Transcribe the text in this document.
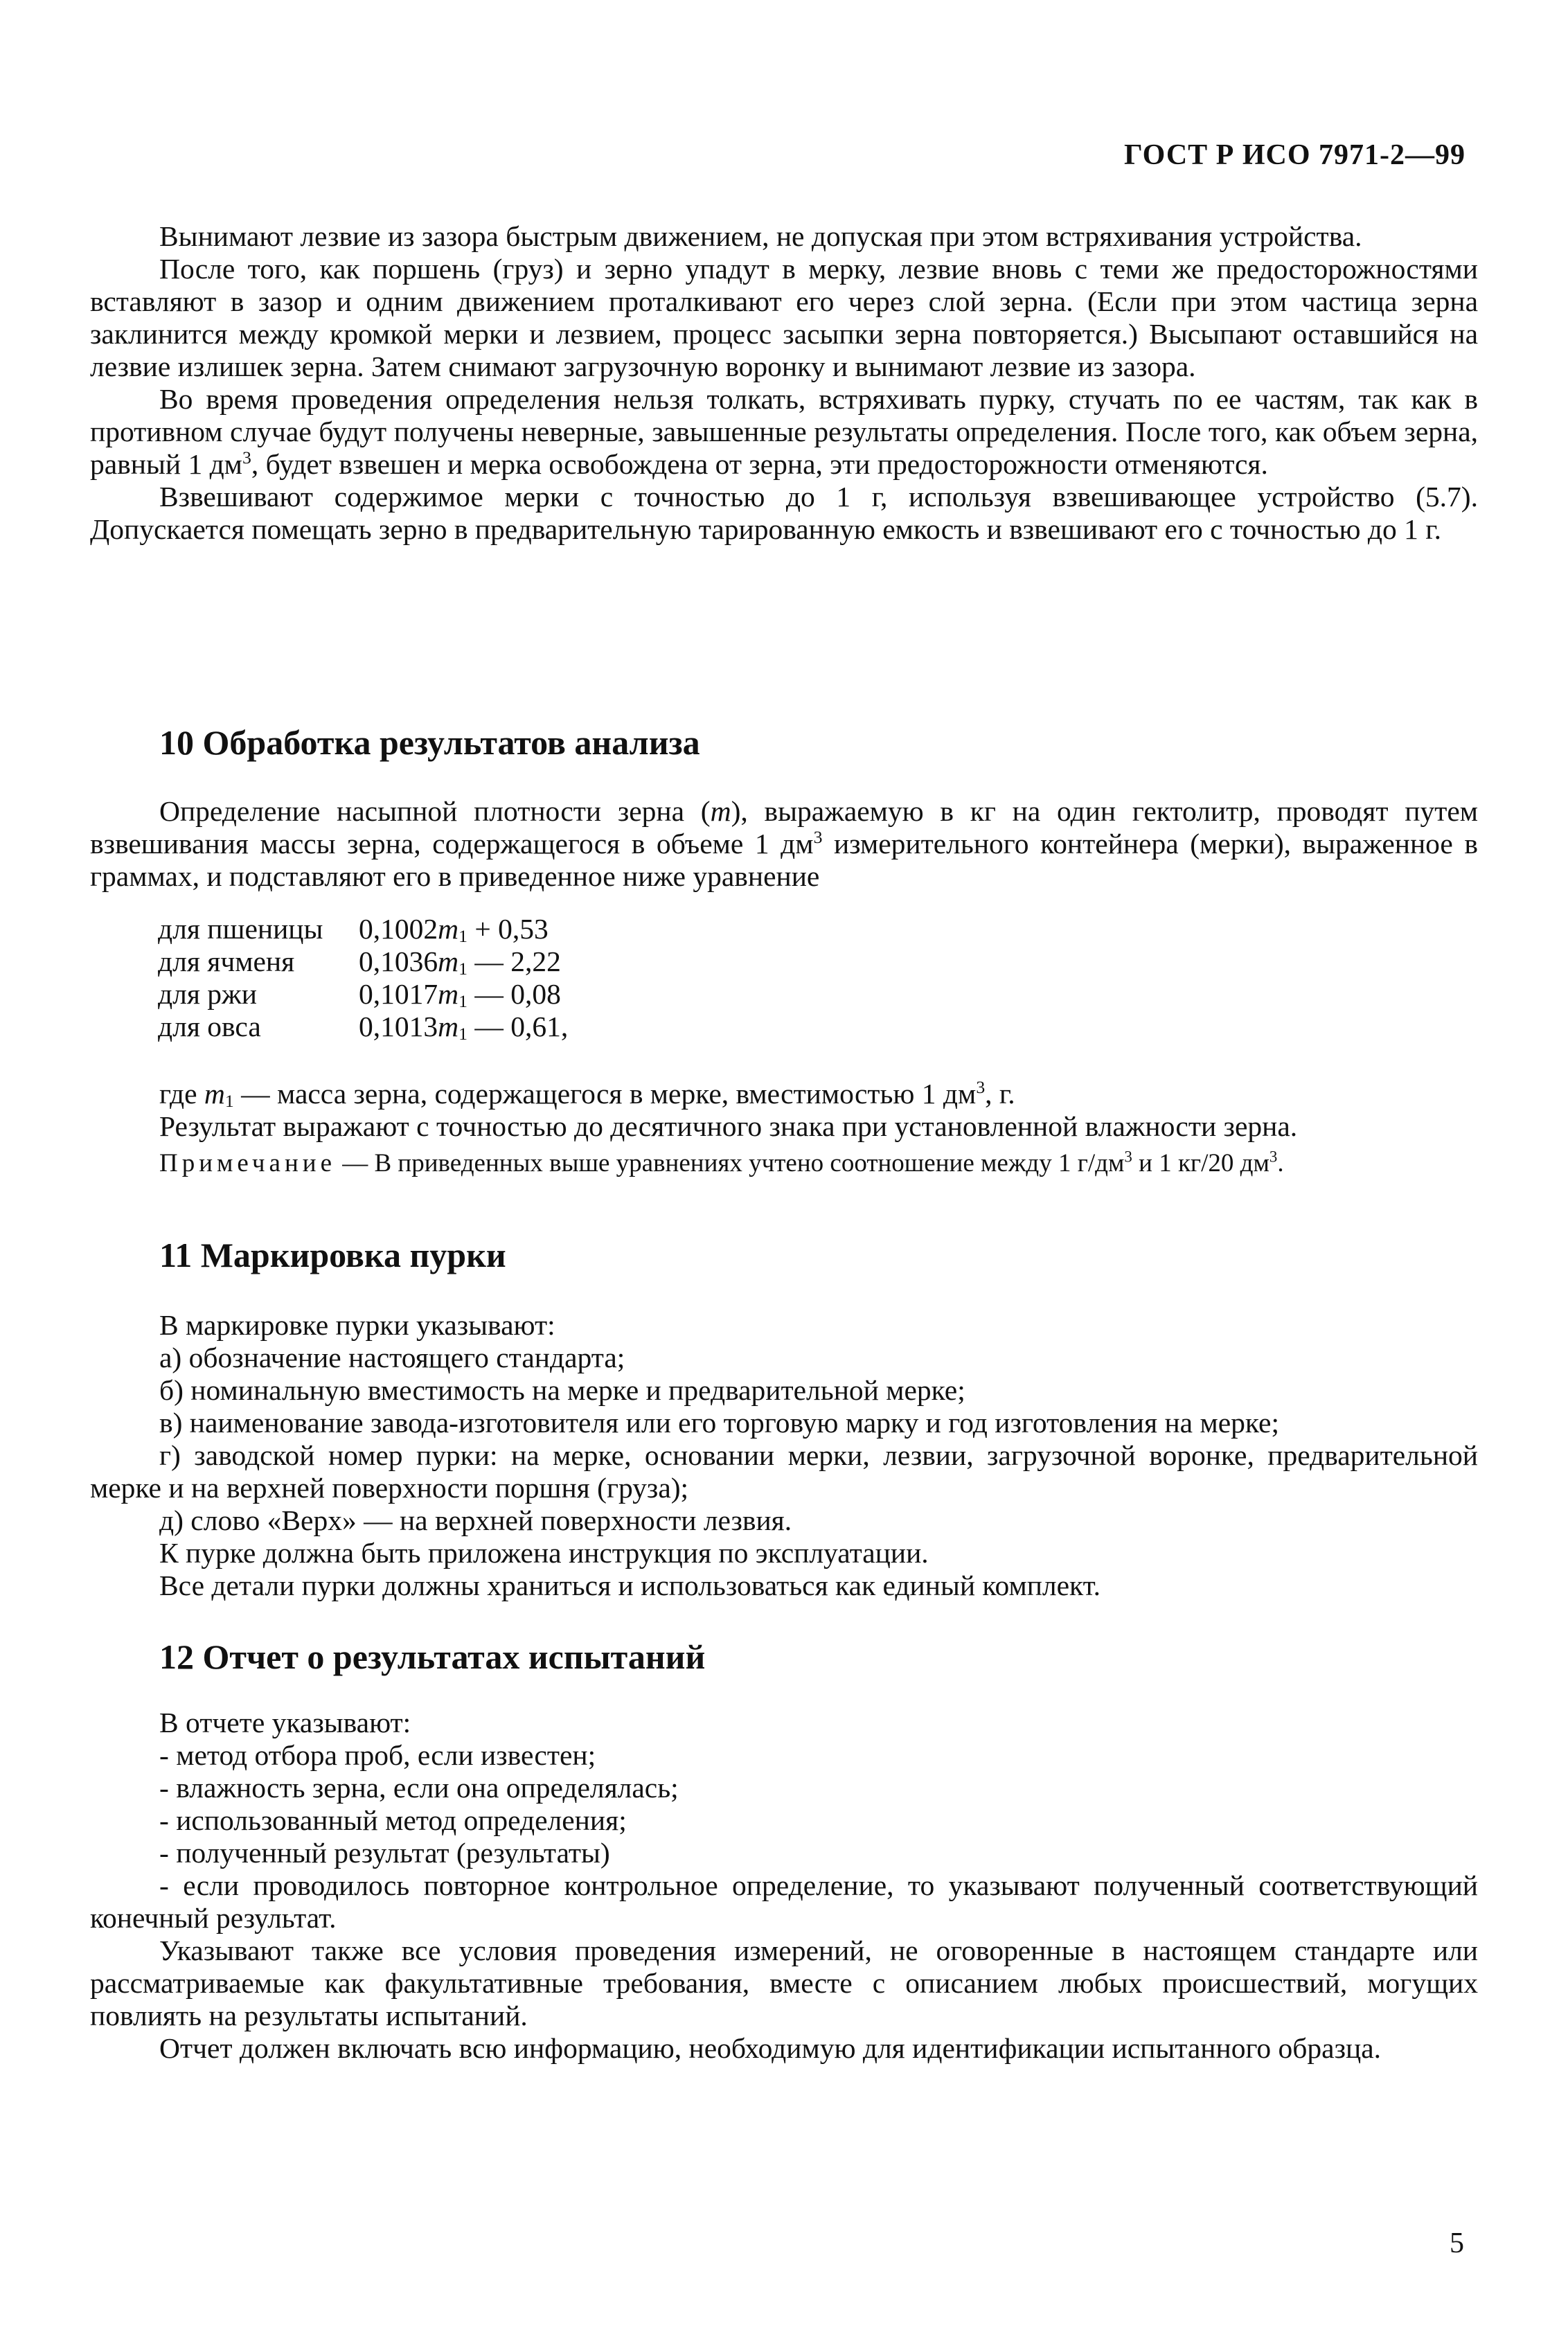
ГОСТ Р ИСО 7971-2—99

Вынимают лезвие из зазора быстрым движением, не допуская при этом встряхивания устройства.

После того, как поршень (груз) и зерно упадут в мерку, лезвие вновь с теми же предосторожностями вставляют в зазор и одним движением проталкивают его через слой зерна. (Если при этом частица зерна заклинится между кромкой мерки и лезвием, процесс засыпки зерна повторяется.) Высыпают оставшийся на лезвие излишек зерна. Затем снимают загрузочную воронку и вынимают лезвие из зазора.

Во время проведения определения нельзя толкать, встряхивать пурку, стучать по ее частям, так как в противном случае будут получены неверные, завышенные результаты определения. После того, как объем зерна, равный 1 $дм^3$, будет взвешен и мерка освобождена от зерна, эти предосторожности отменяются.

Взвешивают содержимое мерки с точностью до 1 г, используя взвешивающее устройство (5.7). Допускается помещать зерно в предварительную тарированную емкость и взвешивают его с точностью до 1 г.

10 Обработка результатов анализа

Определение насыпной плотности зерна (m), выражаемую в кг на один гектолитр, проводят путем взвешивания массы зерна, содержащегося в объеме 1 $дм^3$ измерительного контейнера (мерки), выраженное в граммах, и подставляют его в приведенное ниже уравнение

для пшеницы	$0,1002m_1 + 0,53$
для ячменя	$0,1036m_1$ — 2,22
для ржи	$0,1017m_1$ — 0,08
для овса	$0,1013m_1$ — 0,61,

где $m_1$ — масса зерна, содержащегося в мерке, вместимостью 1 $дм^3$, г.

Результат выражают с точностью до десятичного знака при установленной влажности зерна.

Примечание — В приведенных выше уравнениях учтено соотношение между 1 $г/дм^3$ и 1 кг/20 $дм^3$.

11 Маркировка пурки

В маркировке пурки указывают:

а) обозначение настоящего стандарта;

б) номинальную вместимость на мерке и предварительной мерке;

в) наименование завода-изготовителя или его торговую марку и год изготовления на мерке;

г) заводской номер пурки: на мерке, основании мерки, лезвии, загрузочной воронке, предварительной мерке и на верхней поверхности поршня (груза);

д) слово «Верх» — на верхней поверхности лезвия.

К пурке должна быть приложена инструкция по эксплуатации.

Все детали пурки должны храниться и использоваться как единый комплект.

12 Отчет о результатах испытаний

В отчете указывают:

- метод отбора проб, если известен;

- влажность зерна, если она определялась;

- использованный метод определения;

- полученный результат (результаты)

- если проводилось повторное контрольное определение, то указывают полученный соответствующий конечный результат.

Указывают также все условия проведения измерений, не оговоренные в настоящем стандарте или рассматриваемые как факультативные требования, вместе с описанием любых происшествий, могущих повлиять на результаты испытаний.

Отчет должен включать всю информацию, необходимую для идентификации испытанного образца.

5
